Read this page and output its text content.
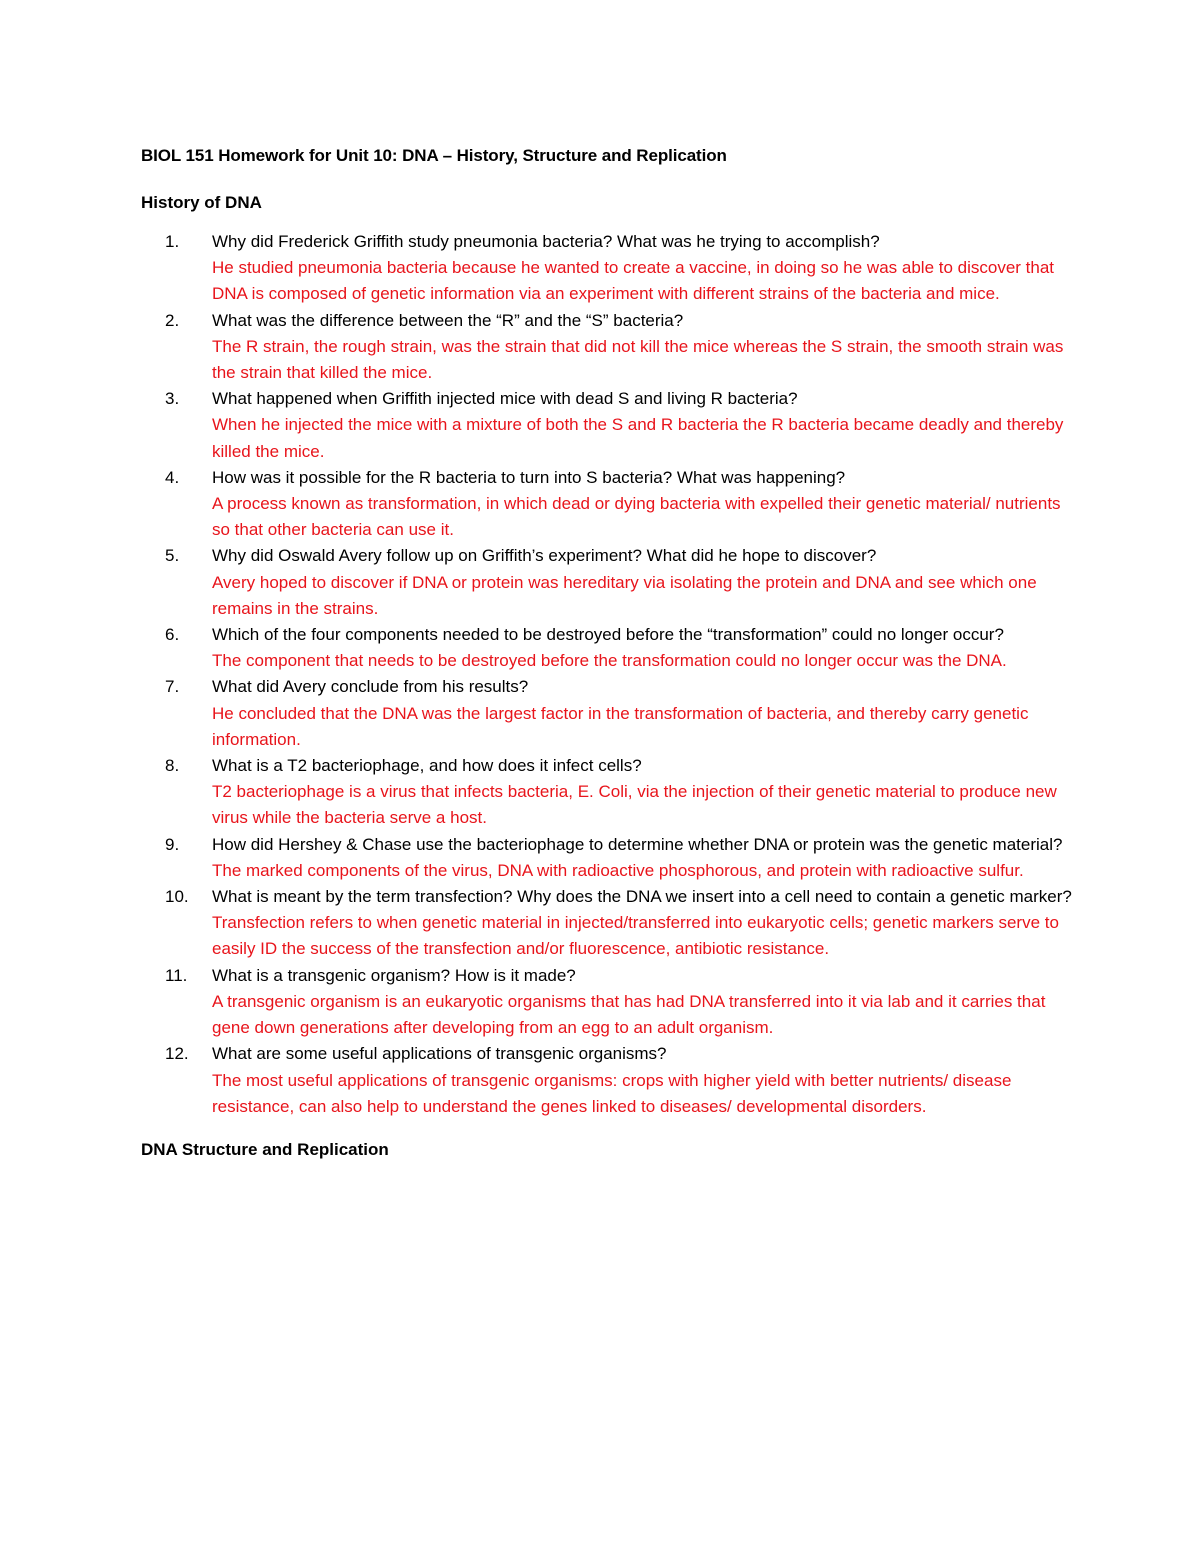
BIOL 151 Homework for Unit 10: DNA – History, Structure and Replication

History of DNA

1. Why did Frederick Griffith study pneumonia bacteria? What was he trying to accomplish?
He studied pneumonia bacteria because he wanted to create a vaccine, in doing so he was able to discover that DNA is composed of genetic information via an experiment with different strains of the bacteria and mice.
2. What was the difference between the “R” and the “S” bacteria?
The R strain, the rough strain, was the strain that did not kill the mice whereas the S strain, the smooth strain was the strain that killed the mice.
3. What happened when Griffith injected mice with dead S and living R bacteria?
When he injected the mice with a mixture of both the S and R bacteria the R bacteria became deadly and thereby killed the mice.
4. How was it possible for the R bacteria to turn into S bacteria? What was happening?
A process known as transformation, in which dead or dying bacteria with expelled their genetic material/ nutrients so that other bacteria can use it.
5. Why did Oswald Avery follow up on Griffith’s experiment? What did he hope to discover?
Avery hoped to discover if DNA or protein was hereditary via isolating the protein and DNA and see which one remains in the strains.
6. Which of the four components needed to be destroyed before the “transformation” could no longer occur?
The component that needs to be destroyed before the transformation could no longer occur was the DNA.
7. What did Avery conclude from his results?
He concluded that the DNA was the largest factor in the transformation of bacteria, and thereby carry genetic information.
8. What is a T2 bacteriophage, and how does it infect cells?
T2 bacteriophage is a virus that infects bacteria, E. Coli, via the injection of their genetic material to produce new virus while the bacteria serve a host.
9. How did Hershey & Chase use the bacteriophage to determine whether DNA or protein was the genetic material?
The marked components of the virus, DNA with radioactive phosphorous, and protein with radioactive sulfur.
10. What is meant by the term transfection? Why does the DNA we insert into a cell need to contain a genetic marker?
Transfection refers to when genetic material in injected/transferred into eukaryotic cells; genetic markers serve to easily ID the success of the transfection and/or fluorescence, antibiotic resistance.
11. What is a transgenic organism? How is it made?
A transgenic organism is an eukaryotic organisms that has had DNA transferred into it via lab and it carries that gene down generations after developing from an egg to an adult organism.
12. What are some useful applications of transgenic organisms?
The most useful applications of transgenic organisms: crops with higher yield with better nutrients/ disease resistance, can also help to understand the genes linked to diseases/ developmental disorders.

DNA Structure and Replication
